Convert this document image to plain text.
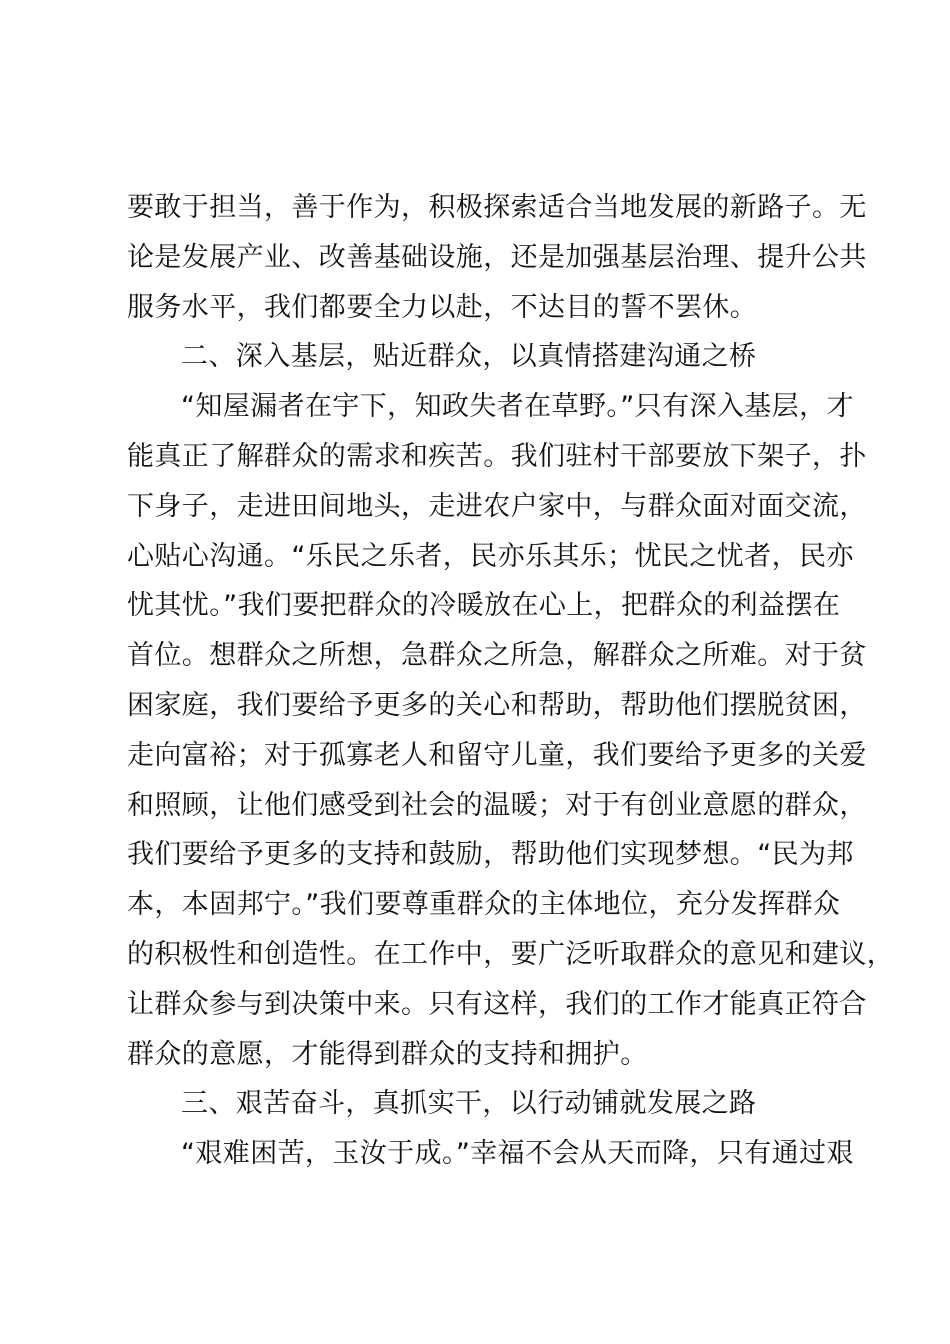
要敢于担当，善于作为，积极探索适合当地发展的新路子。无
论是发展产业、改善基础设施，还是加强基层治理、提升公共
服务水平，我们都要全力以赴，不达目的誓不罢休。
二、深入基层，贴近群众，以真情搭建沟通之桥
“知屋漏者在宇下，知政失者在草野。”只有深入基层，才
能真正了解群众的需求和疾苦。我们驻村干部要放下架子，扑
下身子，走进田间地头，走进农户家中，与群众面对面交流，
心贴心沟通。“乐民之乐者，民亦乐其乐；忧民之忧者，民亦
忧其忧。”我们要把群众的冷暖放在心上，把群众的利益摆在
首位。想群众之所想，急群众之所急，解群众之所难。对于贫
困家庭，我们要给予更多的关心和帮助，帮助他们摆脱贫困，
走向富裕；对于孤寡老人和留守儿童，我们要给予更多的关爱
和照顾，让他们感受到社会的温暖；对于有创业意愿的群众，
我们要给予更多的支持和鼓励，帮助他们实现梦想。“民为邦
本，本固邦宁。”我们要尊重群众的主体地位，充分发挥群众
的积极性和创造性。在工作中，要广泛听取群众的意见和建议，
让群众参与到决策中来。只有这样，我们的工作才能真正符合
群众的意愿，才能得到群众的支持和拥护。
三、艰苦奋斗，真抓实干，以行动铺就发展之路
“艰难困苦，玉汝于成。”幸福不会从天而降，只有通过艰
